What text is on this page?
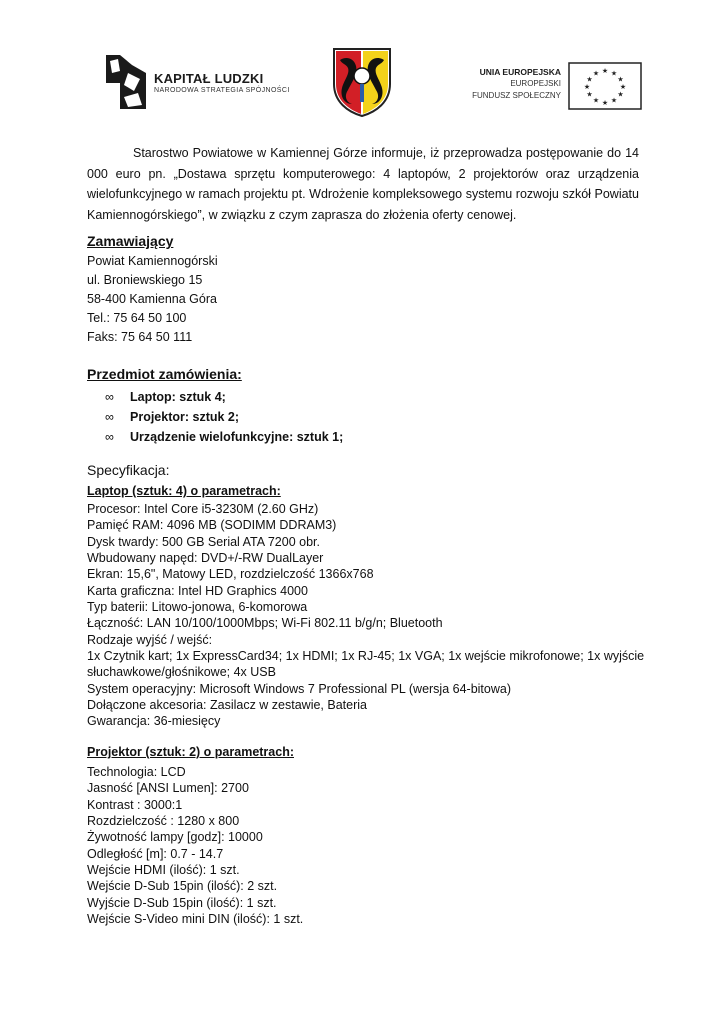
KAPITAŁ LUDZKI
NARODOWA STRATEGIA SPÓJNOŚCI
UNIA EUROPEJSKA
EUROPEJSKI
FUNDUSZ SPOŁECZNY
★ ★
★
★
★
★
★
★
★
★
★
★
Starostwo Powiatowe w Kamiennej Górze informuje, iż przeprowadza postępowanie do 14 000 euro pn. „Dostawa sprzętu komputerowego: 4 laptopów, 2 projektorów oraz urządzenia wielofunkcyjnego w ramach projektu pt. Wdrożenie kompleksowego systemu rozwoju szkół Powiatu Kamiennogórskiego”, w związku z czym zaprasza do złożenia oferty cenowej.
Zamawiający
Powiat Kamiennogórski
ul. Broniewskiego 15
58-400 Kamienna Góra
Tel.: 75 64 50 100
Faks: 75 64 50 111
Przedmiot zamówienia:
∞ Laptop: sztuk 4;
∞ Projektor: sztuk 2;
∞ Urządzenie wielofunkcyjne: sztuk 1;
Specyfikacja:
Laptop (sztuk: 4) o parametrach:
Procesor: Intel Core i5-3230M (2.60 GHz)
Pamięć RAM: 4096 MB (SODIMM DDRAM3)
Dysk twardy: 500 GB Serial ATA 7200 obr.
Wbudowany napęd: DVD+/-RW DualLayer
Ekran: 15,6", Matowy LED, rozdzielczość 1366x768
Karta graficzna: Intel HD Graphics 4000
Typ baterii: Litowo-jonowa, 6-komorowa
Łączność: LAN 10/100/1000Mbps; Wi-Fi 802.11 b/g/n; Bluetooth
Rodzaje wyjść / wejść:
1x Czytnik kart; 1x ExpressCard34; 1x HDMI; 1x RJ-45; 1x VGA; 1x wejście mikrofonowe; 1x wyjście
słuchawkowe/głośnikowe; 4x USB
System operacyjny: Microsoft Windows 7 Professional PL (wersja 64-bitowa)
Dołączone akcesoria: Zasilacz w zestawie, Bateria
Gwarancja: 36-miesięcy
Projektor (sztuk: 2) o parametrach:
Technologia: LCD
Jasność [ANSI Lumen]: 2700
Kontrast : 3000:1
Rozdzielczość : 1280 x 800
Żywotność lampy [godz]: 10000
Odległość [m]: 0.7 - 14.7
Wejście HDMI (ilość): 1 szt.
Wejście D-Sub 15pin (ilość): 2 szt.
Wyjście D-Sub 15pin (ilość): 1 szt.
Wejście S-Video mini DIN (ilość): 1 szt.
